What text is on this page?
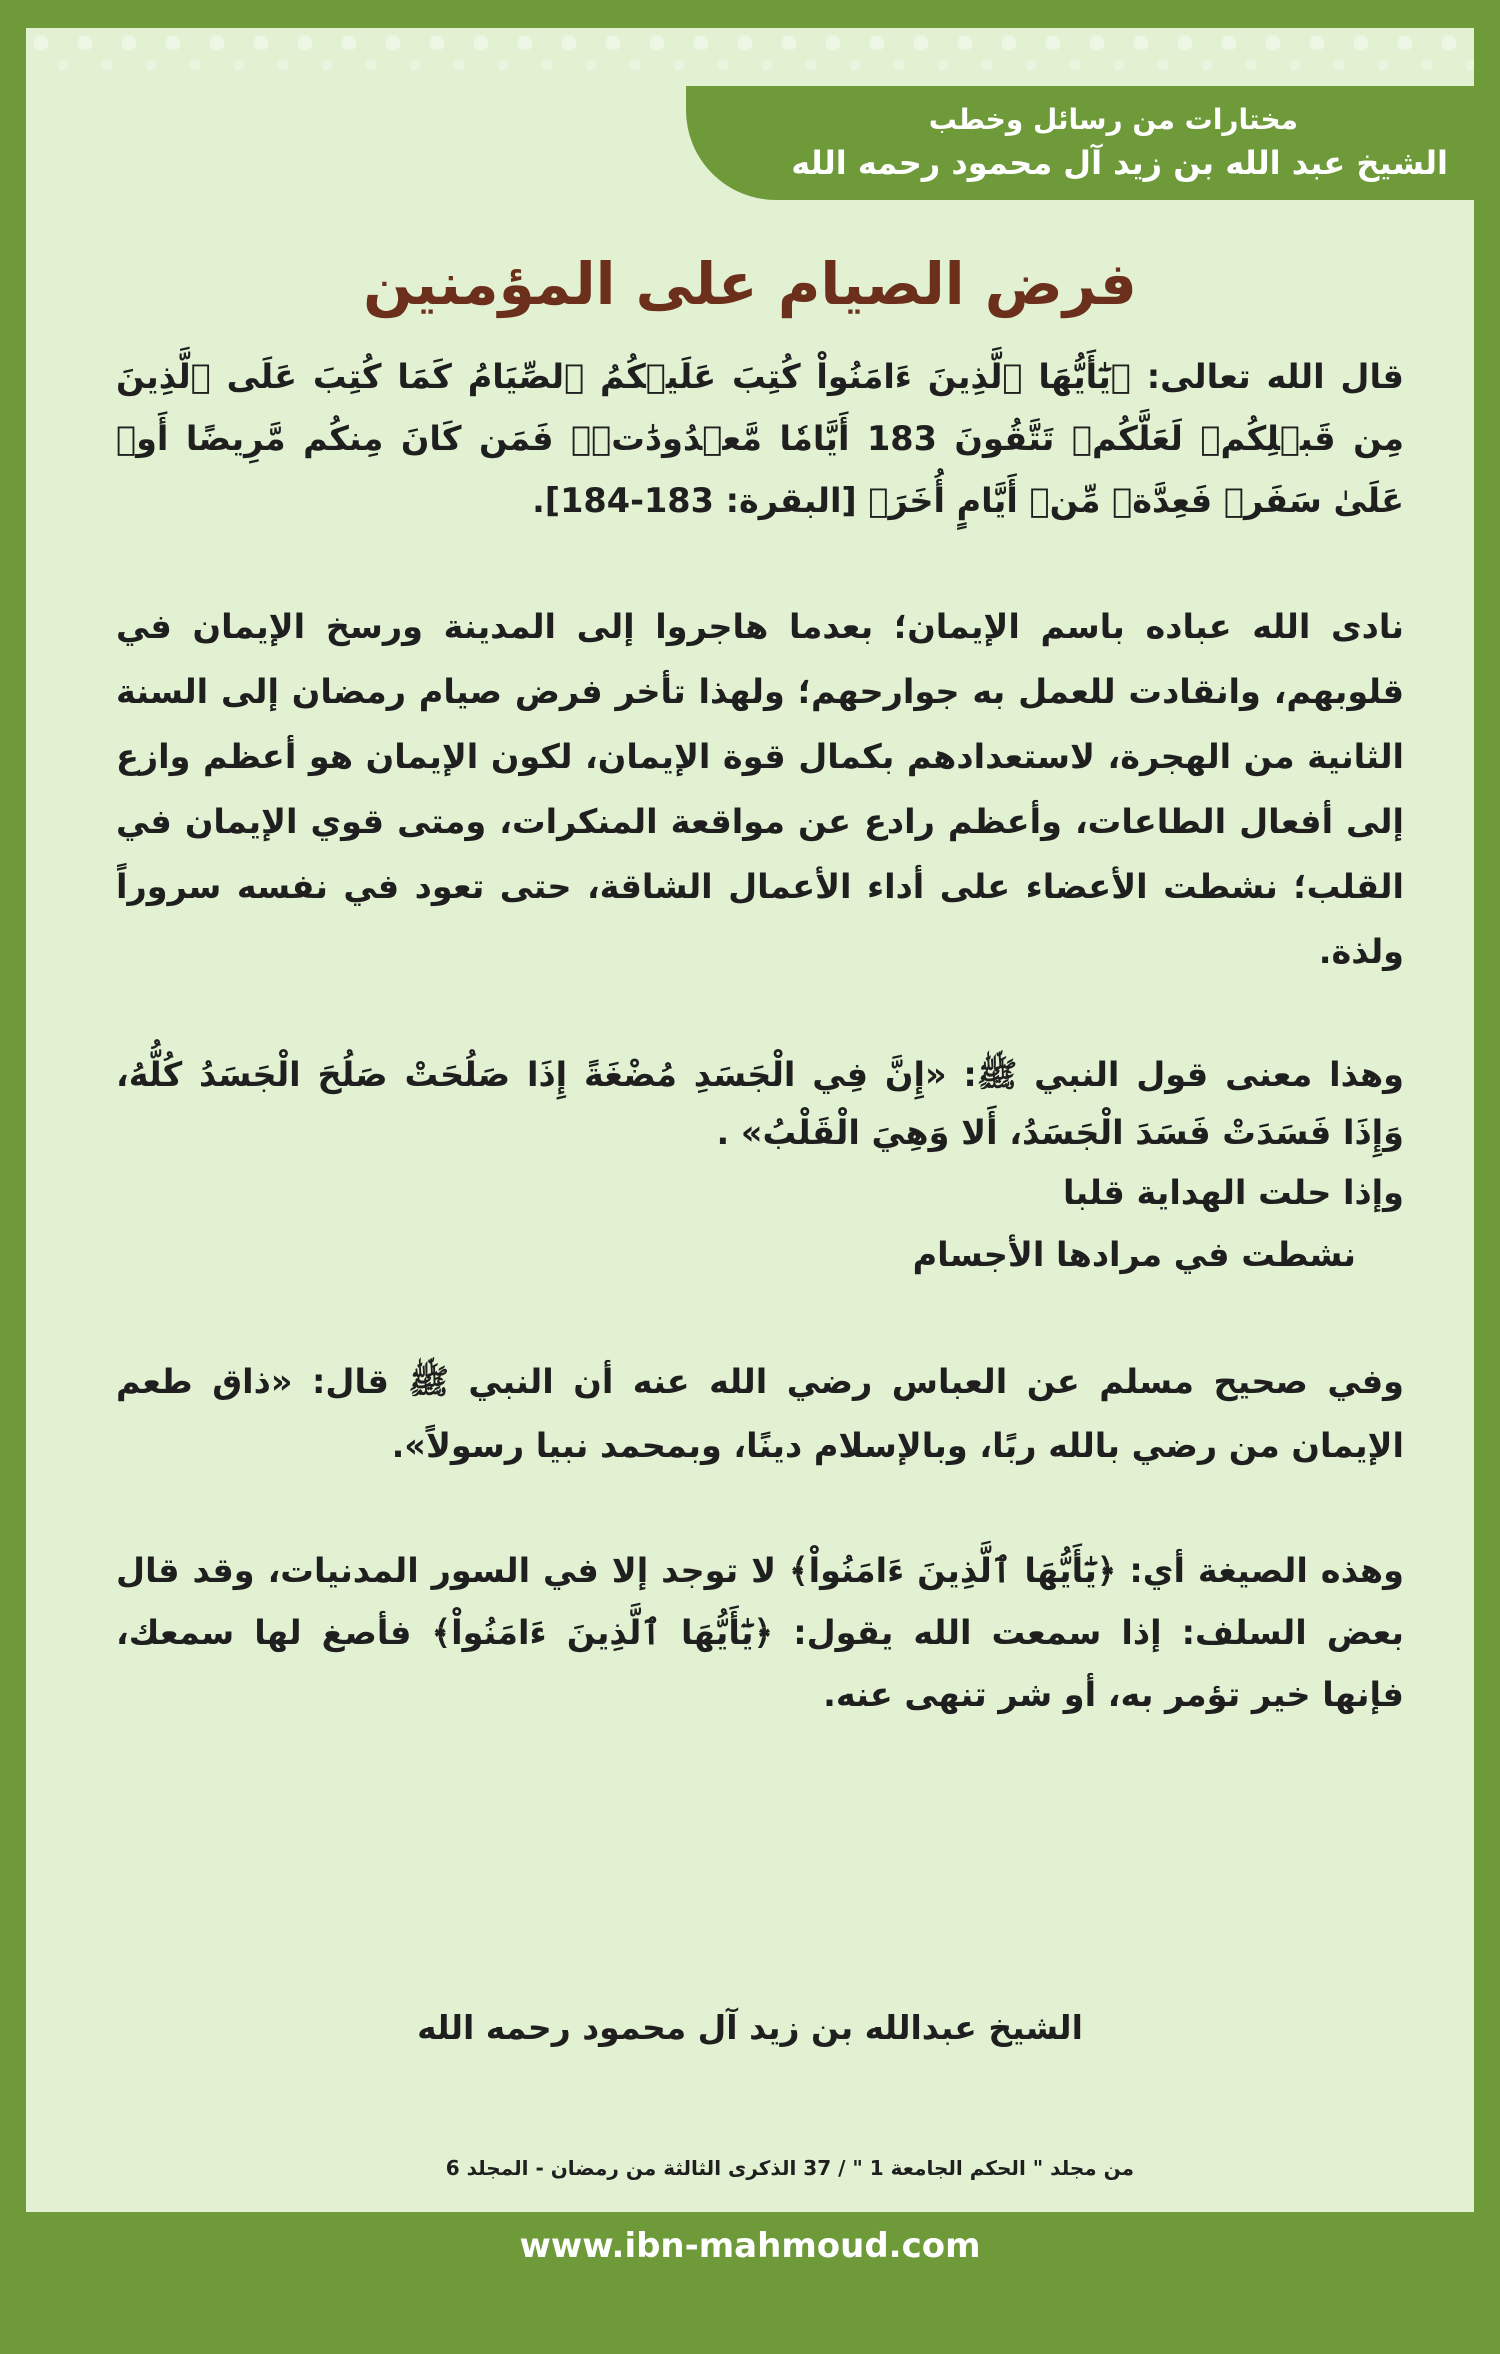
مختارات من رسائل وخطب
الشيخ عبد الله بن زيد آل محمود رحمه الله
فرض الصيام على المؤمنين

قال الله تعالى: ﴿يَٰٓأَيُّهَا ٱلَّذِينَ ءَامَنُواْ كُتِبَ عَلَيۡكُمُ ٱلصِّيَامُ كَمَا كُتِبَ عَلَى ٱلَّذِينَ مِن قَبۡلِكُمۡ لَعَلَّكُمۡ تَتَّقُونَ 183 أَيَّامٗا مَّعۡدُودَٰتٖۚ فَمَن كَانَ مِنكُم مَّرِيضًا أَوۡ عَلَىٰ سَفَرٖ فَعِدَّةٞ مِّنۡ أَيَّامٍ أُخَرَ﴾ [البقرة: 183-184].

نادى الله عباده باسم الإيمان؛ بعدما هاجروا إلى المدينة ورسخ الإيمان في قلوبهم، وانقادت للعمل به جوارحهم؛ ولهذا تأخر فرض صيام رمضان إلى السنة الثانية من الهجرة، لاستعدادهم بكمال قوة الإيمان، لكون الإيمان هو أعظم وازع إلى أفعال الطاعات، وأعظم رادع عن مواقعة المنكرات، ومتى قوي الإيمان في القلب؛ نشطت الأعضاء على أداء الأعمال الشاقة، حتى تعود في نفسه سروراً ولذة.

وهذا معنى قول النبي ﷺ: «إِنَّ فِي الْجَسَدِ مُضْغَةً إِذَا صَلُحَتْ صَلُحَ الْجَسَدُ كُلُّهُ، وَإِذَا فَسَدَتْ فَسَدَ الْجَسَدُ، أَلا وَهِيَ الْقَلْبُ» .

وإذا حلت الهداية قلبا

نشطت في مرادها الأجسام

وفي صحيح مسلم عن العباس رضي الله عنه أن النبي ﷺ قال: «ذاق طعم الإيمان من رضي بالله ربًا، وبالإسلام دينًا، وبمحمد نبيا رسولاً».

وهذه الصيغة أي: ﴿يَٰٓأَيُّهَا ٱلَّذِينَ ءَامَنُواْ﴾ لا توجد إلا في السور المدنيات، وقد قال بعض السلف: إذا سمعت الله يقول: ﴿يَٰٓأَيُّهَا ٱلَّذِينَ ءَامَنُواْ﴾ فأصغ لها سمعك، فإنها خير تؤمر به، أو شر تنهى عنه.

الشيخ عبدالله بن زيد آل محمود رحمه الله
من مجلد " الحكم الجامعة 1 " / 37 الذكرى الثالثة من رمضان - المجلد 6
www.ibn-mahmoud.com
